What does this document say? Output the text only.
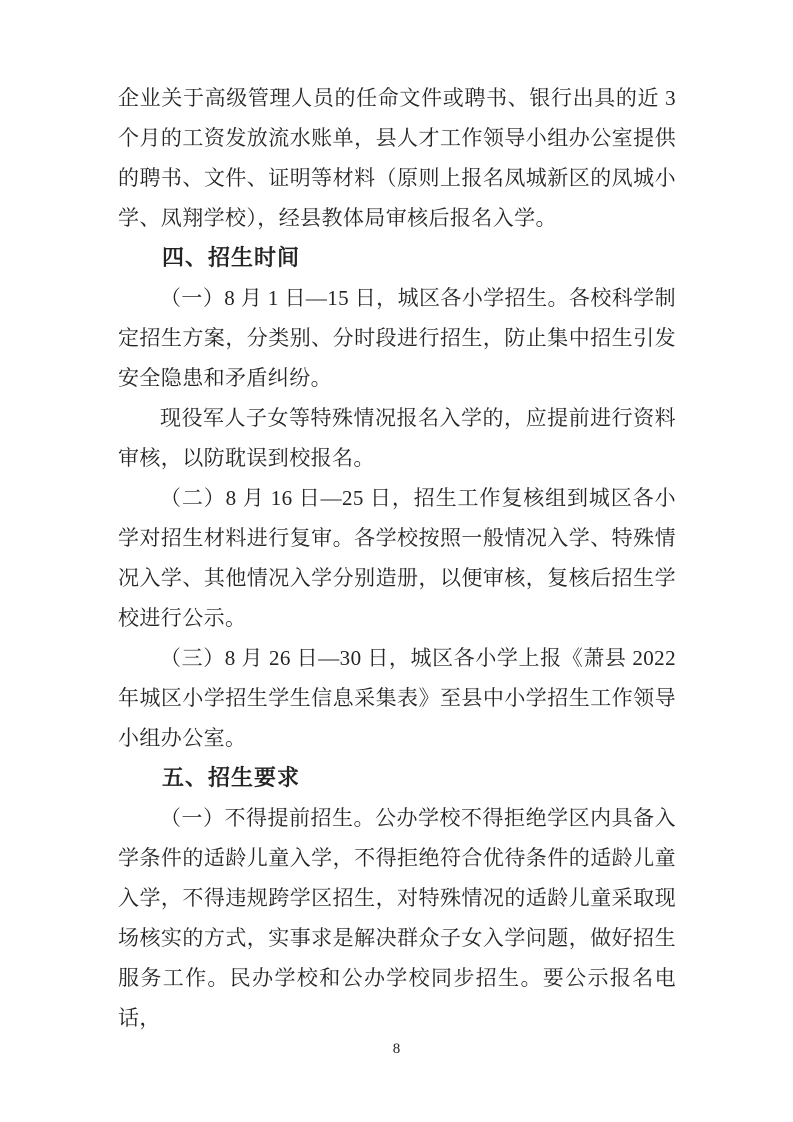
企业关于高级管理人员的任命文件或聘书、银行出具的近 3 个月的工资发放流水账单，县人才工作领导小组办公室提供的聘书、文件、证明等材料（原则上报名凤城新区的凤城小学、凤翔学校），经县教体局审核后报名入学。

四、招生时间

（一）8 月 1 日—15 日，城区各小学招生。各校科学制定招生方案，分类别、分时段进行招生，防止集中招生引发安全隐患和矛盾纠纷。

现役军人子女等特殊情况报名入学的，应提前进行资料审核，以防耽误到校报名。

（二）8 月 16 日—25 日，招生工作复核组到城区各小学对招生材料进行复审。各学校按照一般情况入学、特殊情况入学、其他情况入学分别造册，以便审核，复核后招生学校进行公示。

（三）8 月 26 日—30 日，城区各小学上报《萧县 2022 年城区小学招生学生信息采集表》至县中小学招生工作领导小组办公室。

五、招生要求

（一）不得提前招生。公办学校不得拒绝学区内具备入学条件的适龄儿童入学，不得拒绝符合优待条件的适龄儿童入学，不得违规跨学区招生，对特殊情况的适龄儿童采取现场核实的方式，实事求是解决群众子女入学问题，做好招生服务工作。民办学校和公办学校同步招生。要公示报名电话，

8
